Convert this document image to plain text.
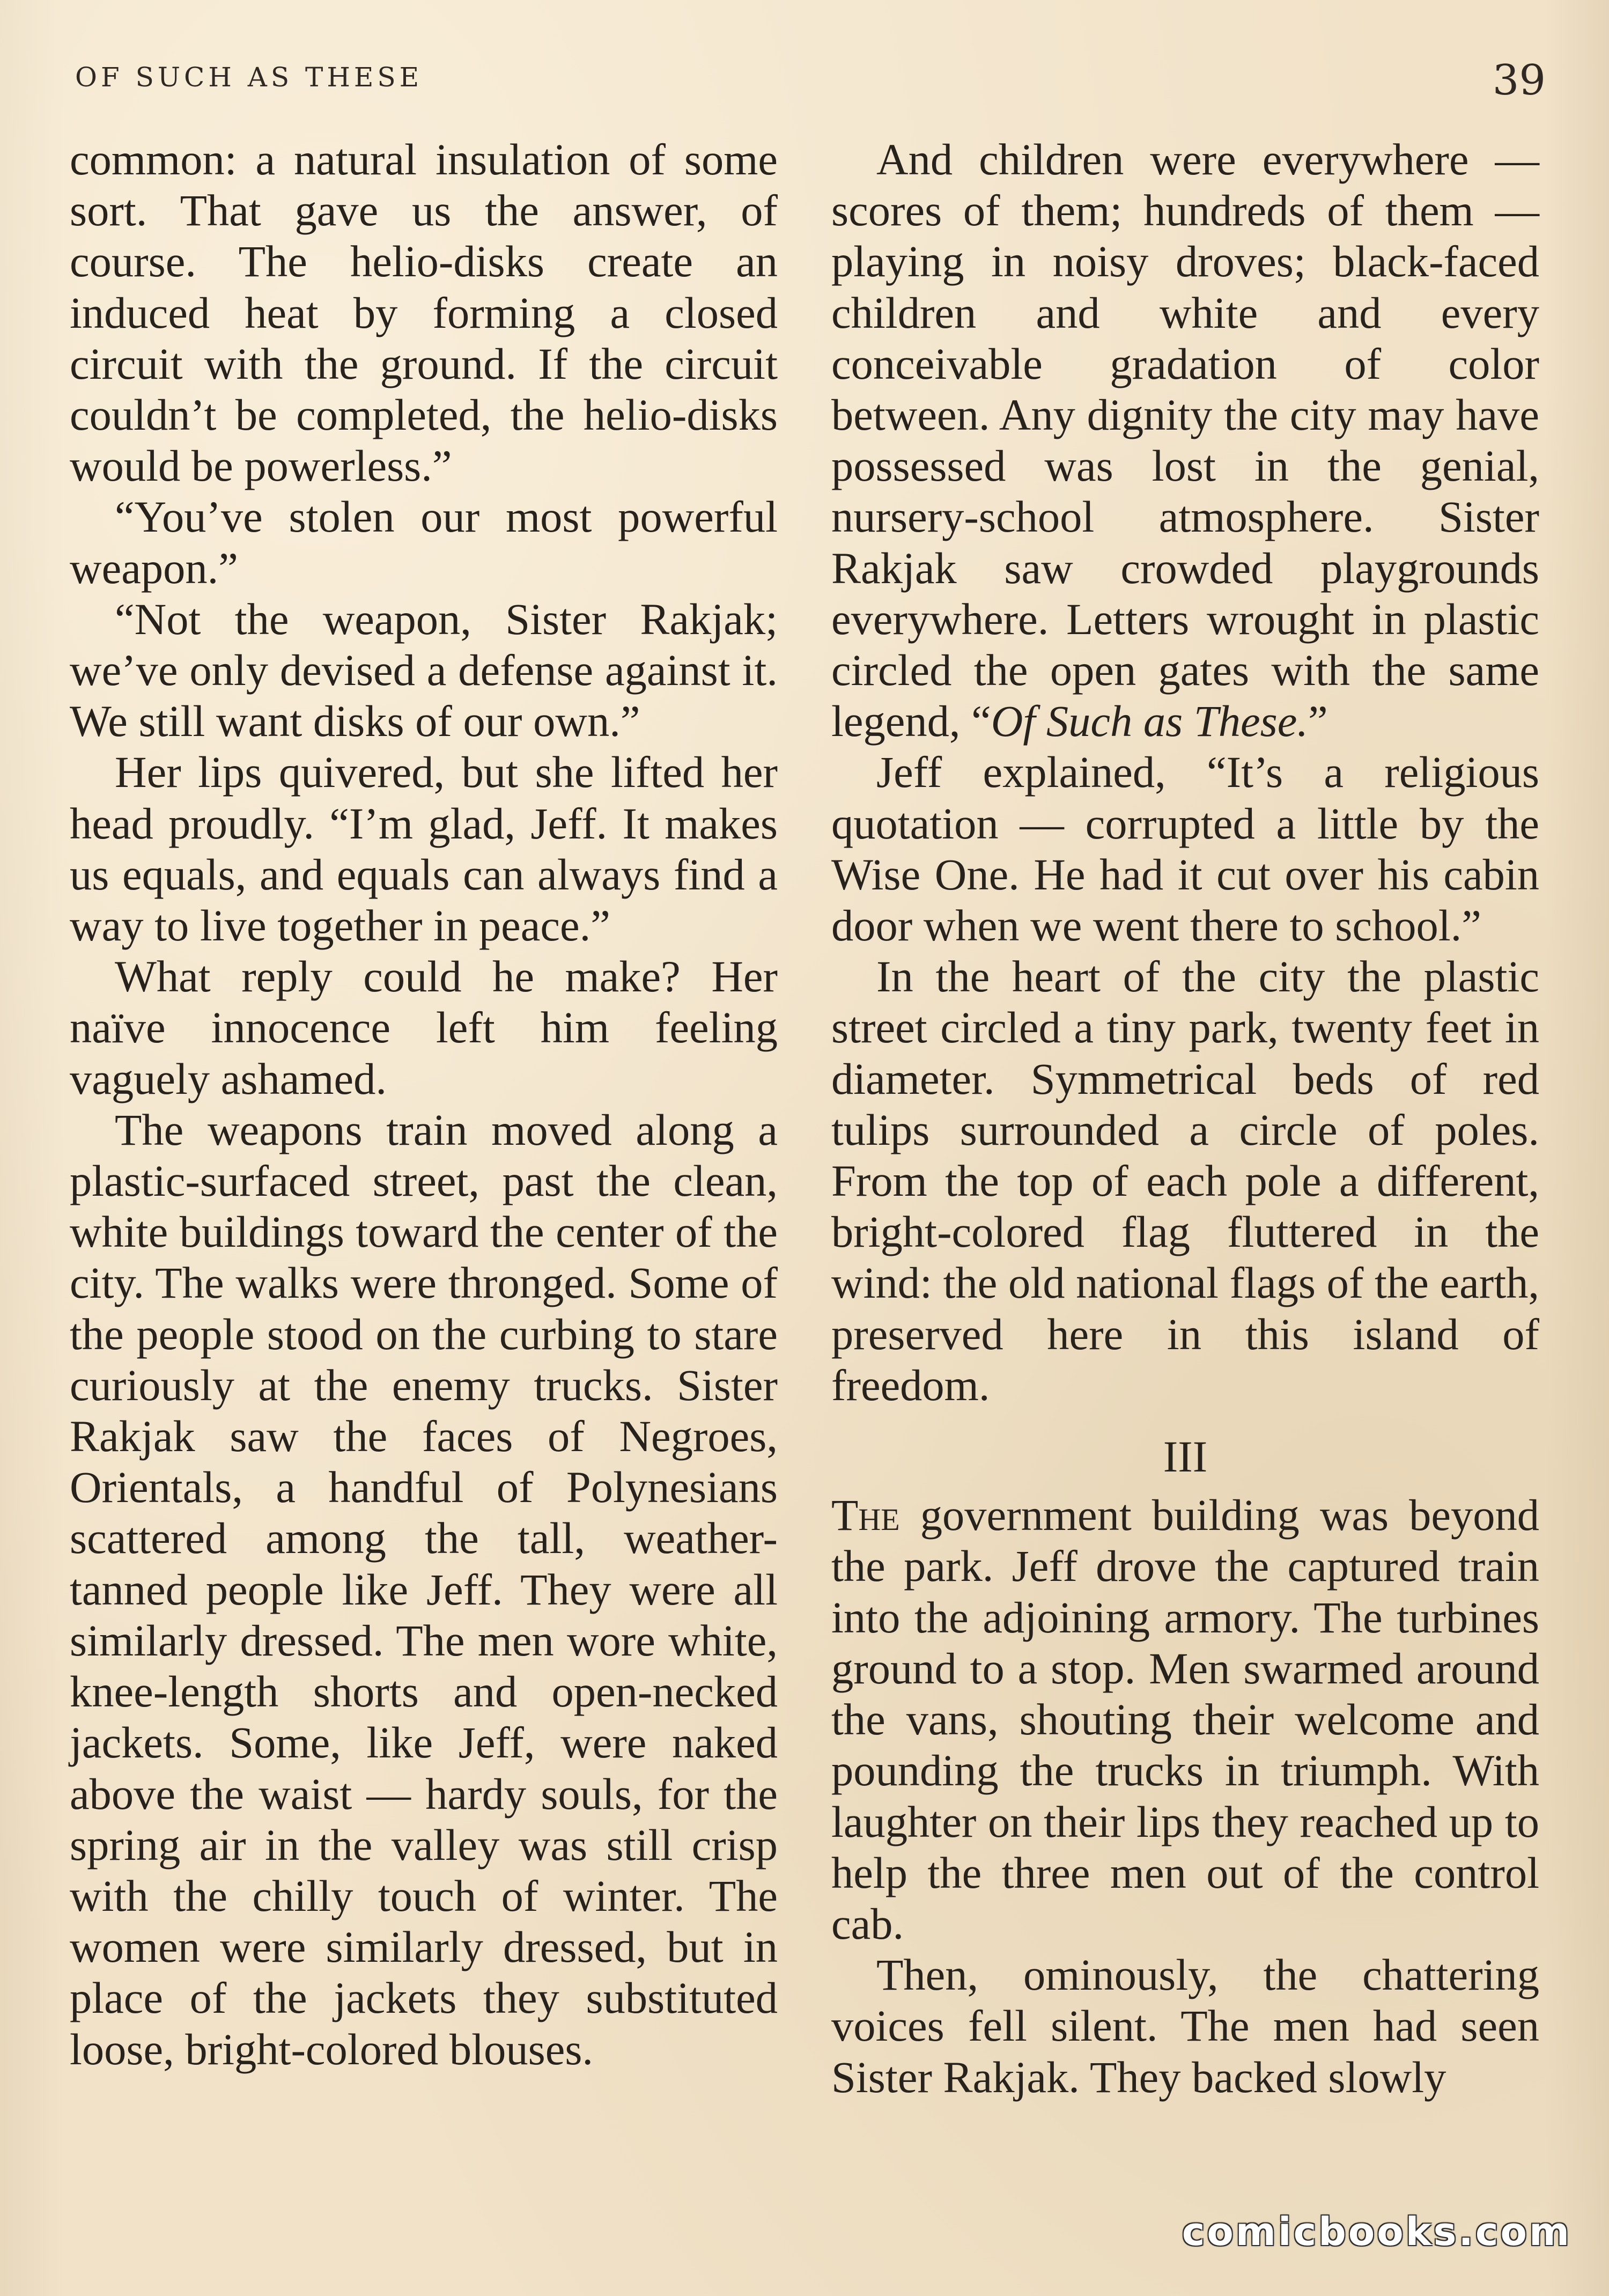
OF SUCH AS THESE	39

common: a natural insulation of some sort. That gave us the answer, of course. The helio-disks create an induced heat by forming a closed circuit with the ground. If the circuit couldn’t be completed, the helio-disks would be powerless.”

“You’ve stolen our most powerful weapon.”

“Not the weapon, Sister Rakjak; we’ve only devised a defense against it. We still want disks of our own.”

Her lips quivered, but she lifted her head proudly. “I’m glad, Jeff. It makes us equals, and equals can always find a way to live together in peace.”

What reply could he make? Her naïve innocence left him feeling vaguely ashamed.

The weapons train moved along a plastic-surfaced street, past the clean, white buildings toward the center of the city. The walks were thronged. Some of the people stood on the curbing to stare curiously at the enemy trucks. Sister Rakjak saw the faces of Negroes, Orientals, a handful of Polynesians scattered among the tall, weather-tanned people like Jeff. They were all similarly dressed. The men wore white, knee-length shorts and open-necked jackets. Some, like Jeff, were naked above the waist — hardy souls, for the spring air in the valley was still crisp with the chilly touch of winter. The women were similarly dressed, but in place of the jackets they substituted loose, bright-colored blouses.

And children were everywhere — scores of them; hundreds of them — playing in noisy droves; black-faced children and white and every conceivable gradation of color between. Any dignity the city may have possessed was lost in the genial, nursery-school atmosphere. Sister Rakjak saw crowded playgrounds everywhere. Letters wrought in plastic circled the open gates with the same legend, “Of Such as These.”

Jeff explained, “It’s a religious quotation — corrupted a little by the Wise One. He had it cut over his cabin door when we went there to school.”

In the heart of the city the plastic street circled a tiny park, twenty feet in diameter. Symmetrical beds of red tulips surrounded a circle of poles. From the top of each pole a different, bright-colored flag fluttered in the wind: the old national flags of the earth, preserved here in this island of freedom.

III

The government building was beyond the park. Jeff drove the captured train into the adjoining armory. The turbines ground to a stop. Men swarmed around the vans, shouting their welcome and pounding the trucks in triumph. With laughter on their lips they reached up to help the three men out of the control cab.

Then, ominously, the chattering voices fell silent. The men had seen Sister Rakjak. They backed slowly

comicbooks.com
